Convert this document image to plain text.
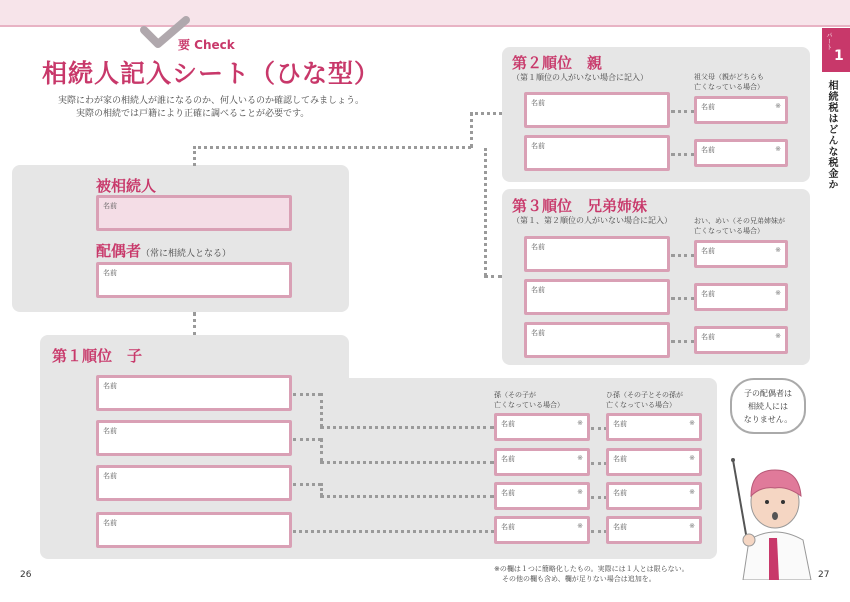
要 Check
相続人記入シート（ひな型）
実際にわが家の相続人が誰になるのか、何人いるのか確認してみましょう。
実際の相続では戸籍により正確に調べることが必要です。
被相続人
名前
配偶者（常に相続人となる）
名前
第２順位　親
（第１順位の人がいない場合に記入）	祖父母（親がどちらも
亡くなっている場合）
名前
名前
名前	※
名前	※
第３順位　兄弟姉妹
（第１、第２順位の人がいない場合に記入）	おい、めい（その兄弟姉妹が
亡くなっている場合）
名前
名前
名前
名前	※
名前	※
名前	※
第１順位　子
名前
名前
名前
名前
孫（その子が
亡くなっている場合）
ひ孫（その子とその孫が
亡くなっている場合）
名前	※
名前	※
名前	※
名前	※
名前	※
名前	※
名前	※
名前	※
※の欄は１つに簡略化したもの。実際には１人とは限らない。
その他の欄も含め、欄が足りない場合は追加を。
子の配偶者は
相続人には
なりません。
パート
1
相続税はどんな税金か
26	27
